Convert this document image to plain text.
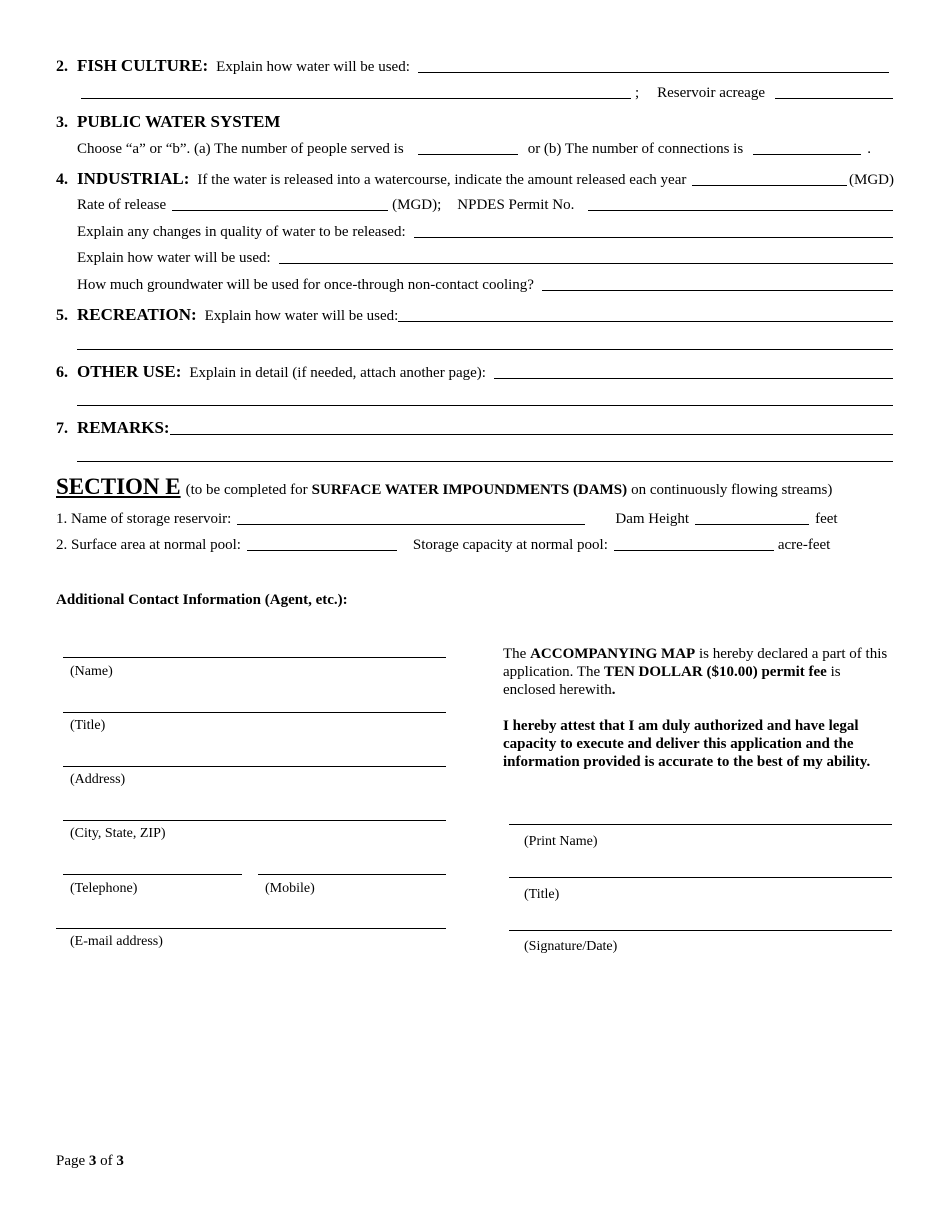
2. FISH CULTURE: Explain how water will be used:
; Reservoir acreage
3. PUBLIC WATER SYSTEM
Choose “a” or “b”. (a) The number of people served is	or (b) The number of connections is	.
4. INDUSTRIAL: If the water is released into a watercourse, indicate the amount released each year	(MGD)
Rate of release	(MGD); NPDES Permit No.
Explain any changes in quality of water to be released:
Explain how water will be used:
How much groundwater will be used for once-through non-contact cooling?
5. RECREATION: Explain how water will be used:
6. OTHER USE: Explain in detail (if needed, attach another page):
7. REMARKS:
SECTION E (to be completed for SURFACE WATER IMPOUNDMENTS (DAMS) on continuously flowing streams)
1. Name of storage reservoir:	Dam Height	feet
2. Surface area at normal pool:	Storage capacity at normal pool:	acre-feet
Additional Contact Information (Agent, etc.):
(Name)
(Title)
(Address)
(City, State, ZIP)
(Telephone)	(Mobile)
(E-mail address)
The ACCOMPANYING MAP is hereby declared a part of this application. The TEN DOLLAR ($10.00) permit fee is enclosed herewith.
I hereby attest that I am duly authorized and have legal capacity to execute and deliver this application and the information provided is accurate to the best of my ability.
(Print Name)
(Title)
(Signature/Date)
Page 3 of 3
